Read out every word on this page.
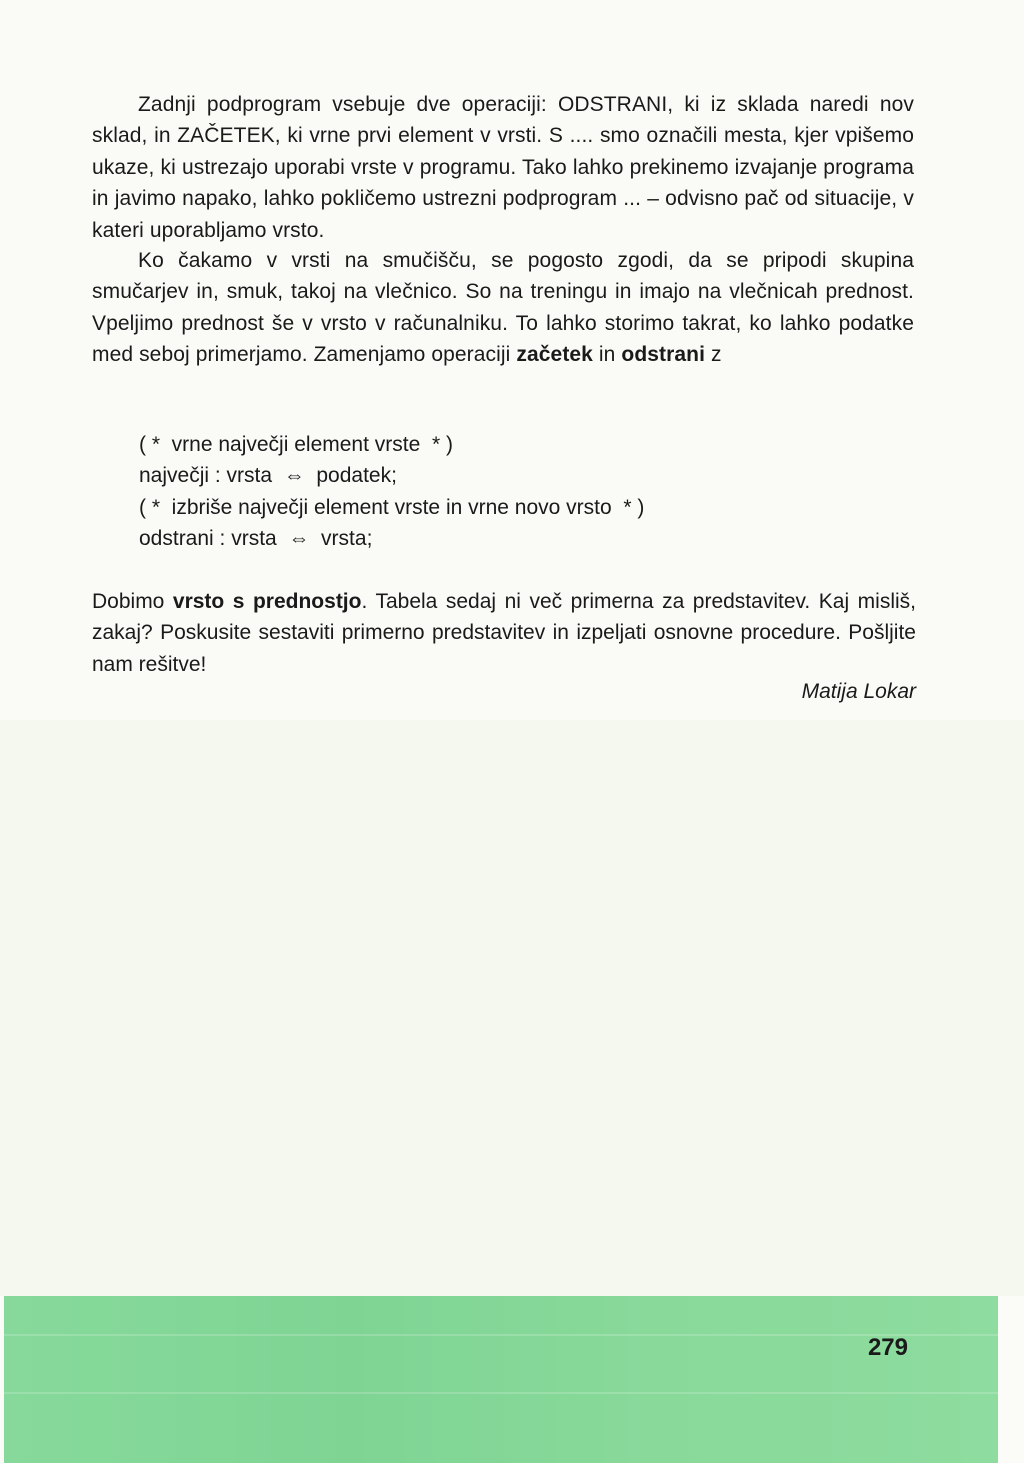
Zadnji podprogram vsebuje dve operaciji: ODSTRANI, ki iz sklada naredi nov sklad, in ZAČETEK, ki vrne prvi element v vrsti. S .... smo označili mesta, kjer vpišemo ukaze, ki ustrezajo uporabi vrste v programu. Tako lahko prekinemo izvajanje programa in javimo napako, lahko pokličemo ustrezni podprogram ... – odvisno pač od situacije, v kateri uporabljamo vrsto.

Ko čakamo v vrsti na smučišču, se pogosto zgodi, da se pripodi skupina smučarjev in, smuk, takoj na vlečnico. So na treningu in imajo na vlečnicah prednost. Vpeljimo prednost še v vrsto v računalniku. To lahko storimo takrat, ko lahko podatke med seboj primerjamo. Zamenjamo operaciji začetek in odstrani z

( *  vrne največji element vrste  * )
največji : vrsta  ⇔  podatek;
( *  izbriše največji element vrste in vrne novo vrsto  * )
odstrani : vrsta  ⇔  vrsta;

Dobimo vrsto s prednostjo. Tabela sedaj ni več primerna za predstavitev. Kaj misliš, zakaj? Poskusite sestaviti primerno predstavitev in izpeljati osnovne procedure. Pošljite nam rešitve!

Matija Lokar
279
